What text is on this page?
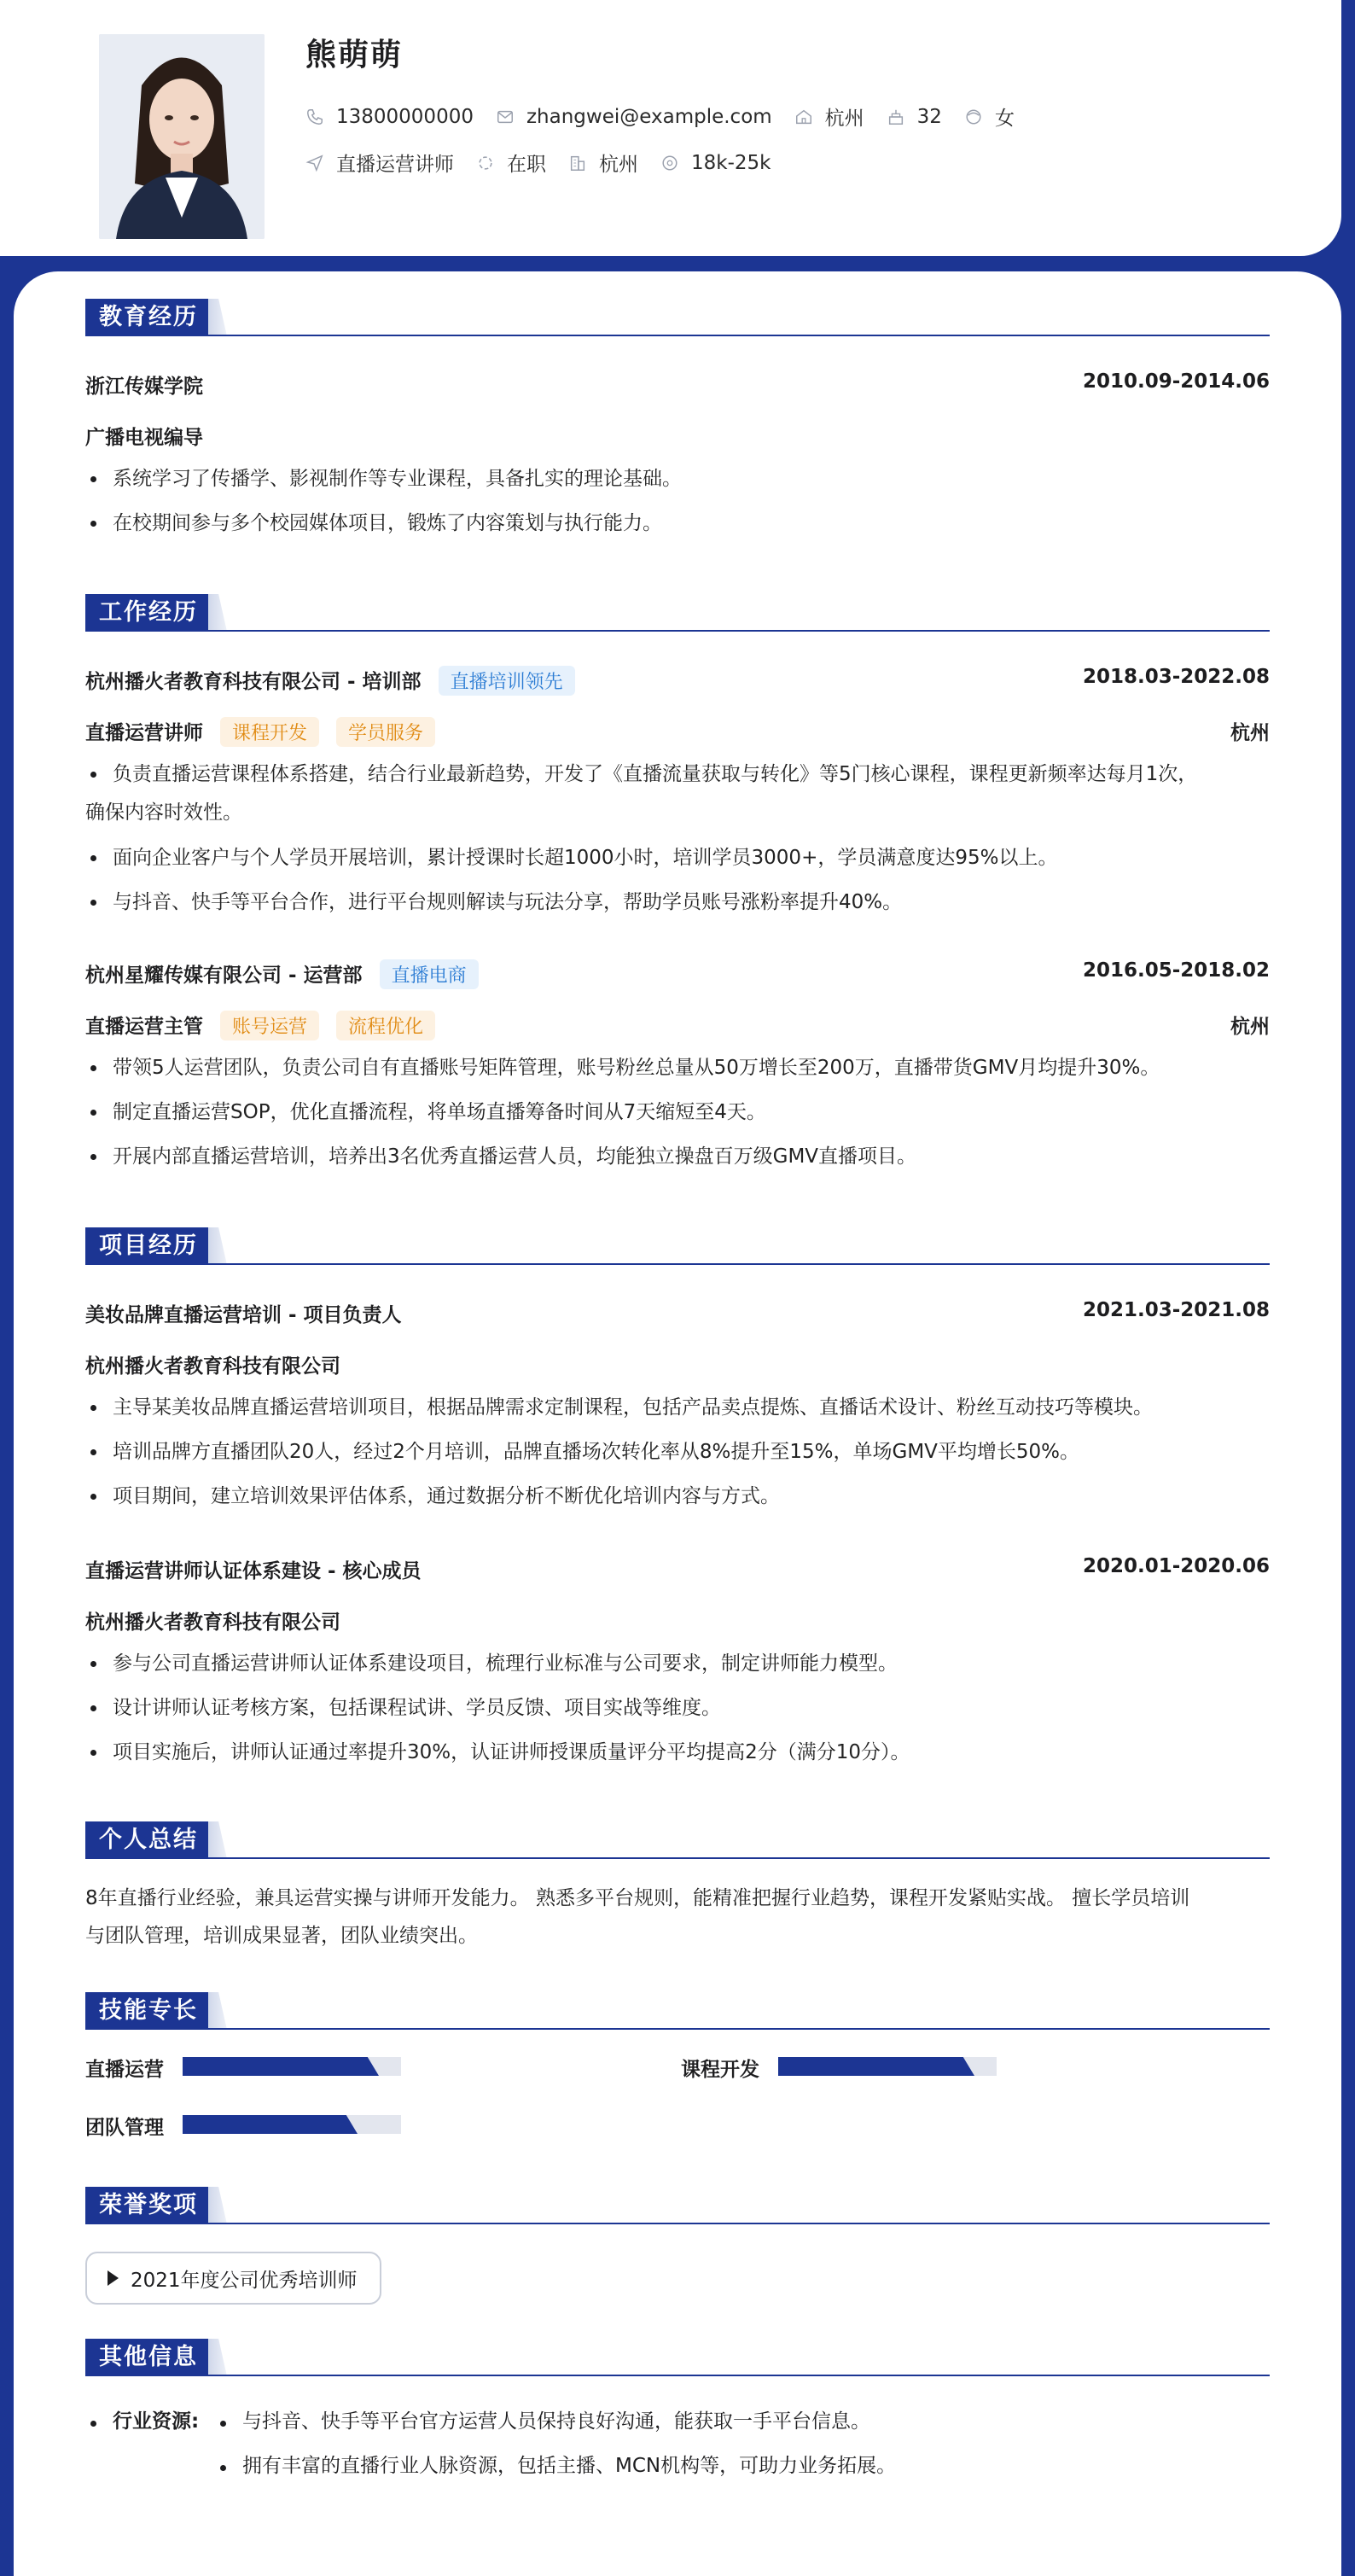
熊萌萌
13800000000	zhangwei@example.com	杭州	32	女
直播运营讲师	在职	杭州	18k-25k
教育经历
浙江传媒学院	2010.09-2014.06
广播电视编导
系统学习了传播学、影视制作等专业课程，具备扎实的理论基础。
在校期间参与多个校园媒体项目，锻炼了内容策划与执行能力。
工作经历
杭州播火者教育科技有限公司 - 培训部 直播培训领先	2018.03-2022.08
直播运营讲师 课程开发 学员服务	杭州
负责直播运营课程体系搭建，结合行业最新趋势，开发了《直播流量获取与转化》等5门核心课程，课程更新频率达每月1次，
确保内容时效性。
面向企业客户与个人学员开展培训，累计授课时长超1000小时，培训学员3000+，学员满意度达95%以上。
与抖音、快手等平台合作，进行平台规则解读与玩法分享，帮助学员账号涨粉率提升40%。
杭州星耀传媒有限公司 - 运营部 直播电商	2016.05-2018.02
直播运营主管 账号运营 流程优化	杭州
带领5人运营团队，负责公司自有直播账号矩阵管理，账号粉丝总量从50万增长至200万，直播带货GMV月均提升30%。
制定直播运营SOP，优化直播流程，将单场直播筹备时间从7天缩短至4天。
开展内部直播运营培训，培养出3名优秀直播运营人员，均能独立操盘百万级GMV直播项目。
项目经历
美妆品牌直播运营培训 - 项目负责人	2021.03-2021.08
杭州播火者教育科技有限公司
主导某美妆品牌直播运营培训项目，根据品牌需求定制课程，包括产品卖点提炼、直播话术设计、粉丝互动技巧等模块。
培训品牌方直播团队20人，经过2个月培训，品牌直播场次转化率从8%提升至15%，单场GMV平均增长50%。
项目期间，建立培训效果评估体系，通过数据分析不断优化培训内容与方式。
直播运营讲师认证体系建设 - 核心成员	2020.01-2020.06
杭州播火者教育科技有限公司
参与公司直播运营讲师认证体系建设项目，梳理行业标准与公司要求，制定讲师能力模型。
设计讲师认证考核方案，包括课程试讲、学员反馈、项目实战等维度。
项目实施后，讲师认证通过率提升30%，认证讲师授课质量评分平均提高2分（满分10分）。
个人总结
8年直播行业经验，兼具运营实操与讲师开发能力。 熟悉多平台规则，能精准把握行业趋势，课程开发紧贴实战。 擅长学员培训
与团队管理，培训成果显著，团队业绩突出。
技能专长
直播运营	课程开发
团队管理
荣誉奖项
2021年度公司优秀培训师
其他信息
行业资源: 与抖音、快手等平台官方运营人员保持良好沟通，能获取一手平台信息。
拥有丰富的直播行业人脉资源，包括主播、MCN机构等，可助力业务拓展。
